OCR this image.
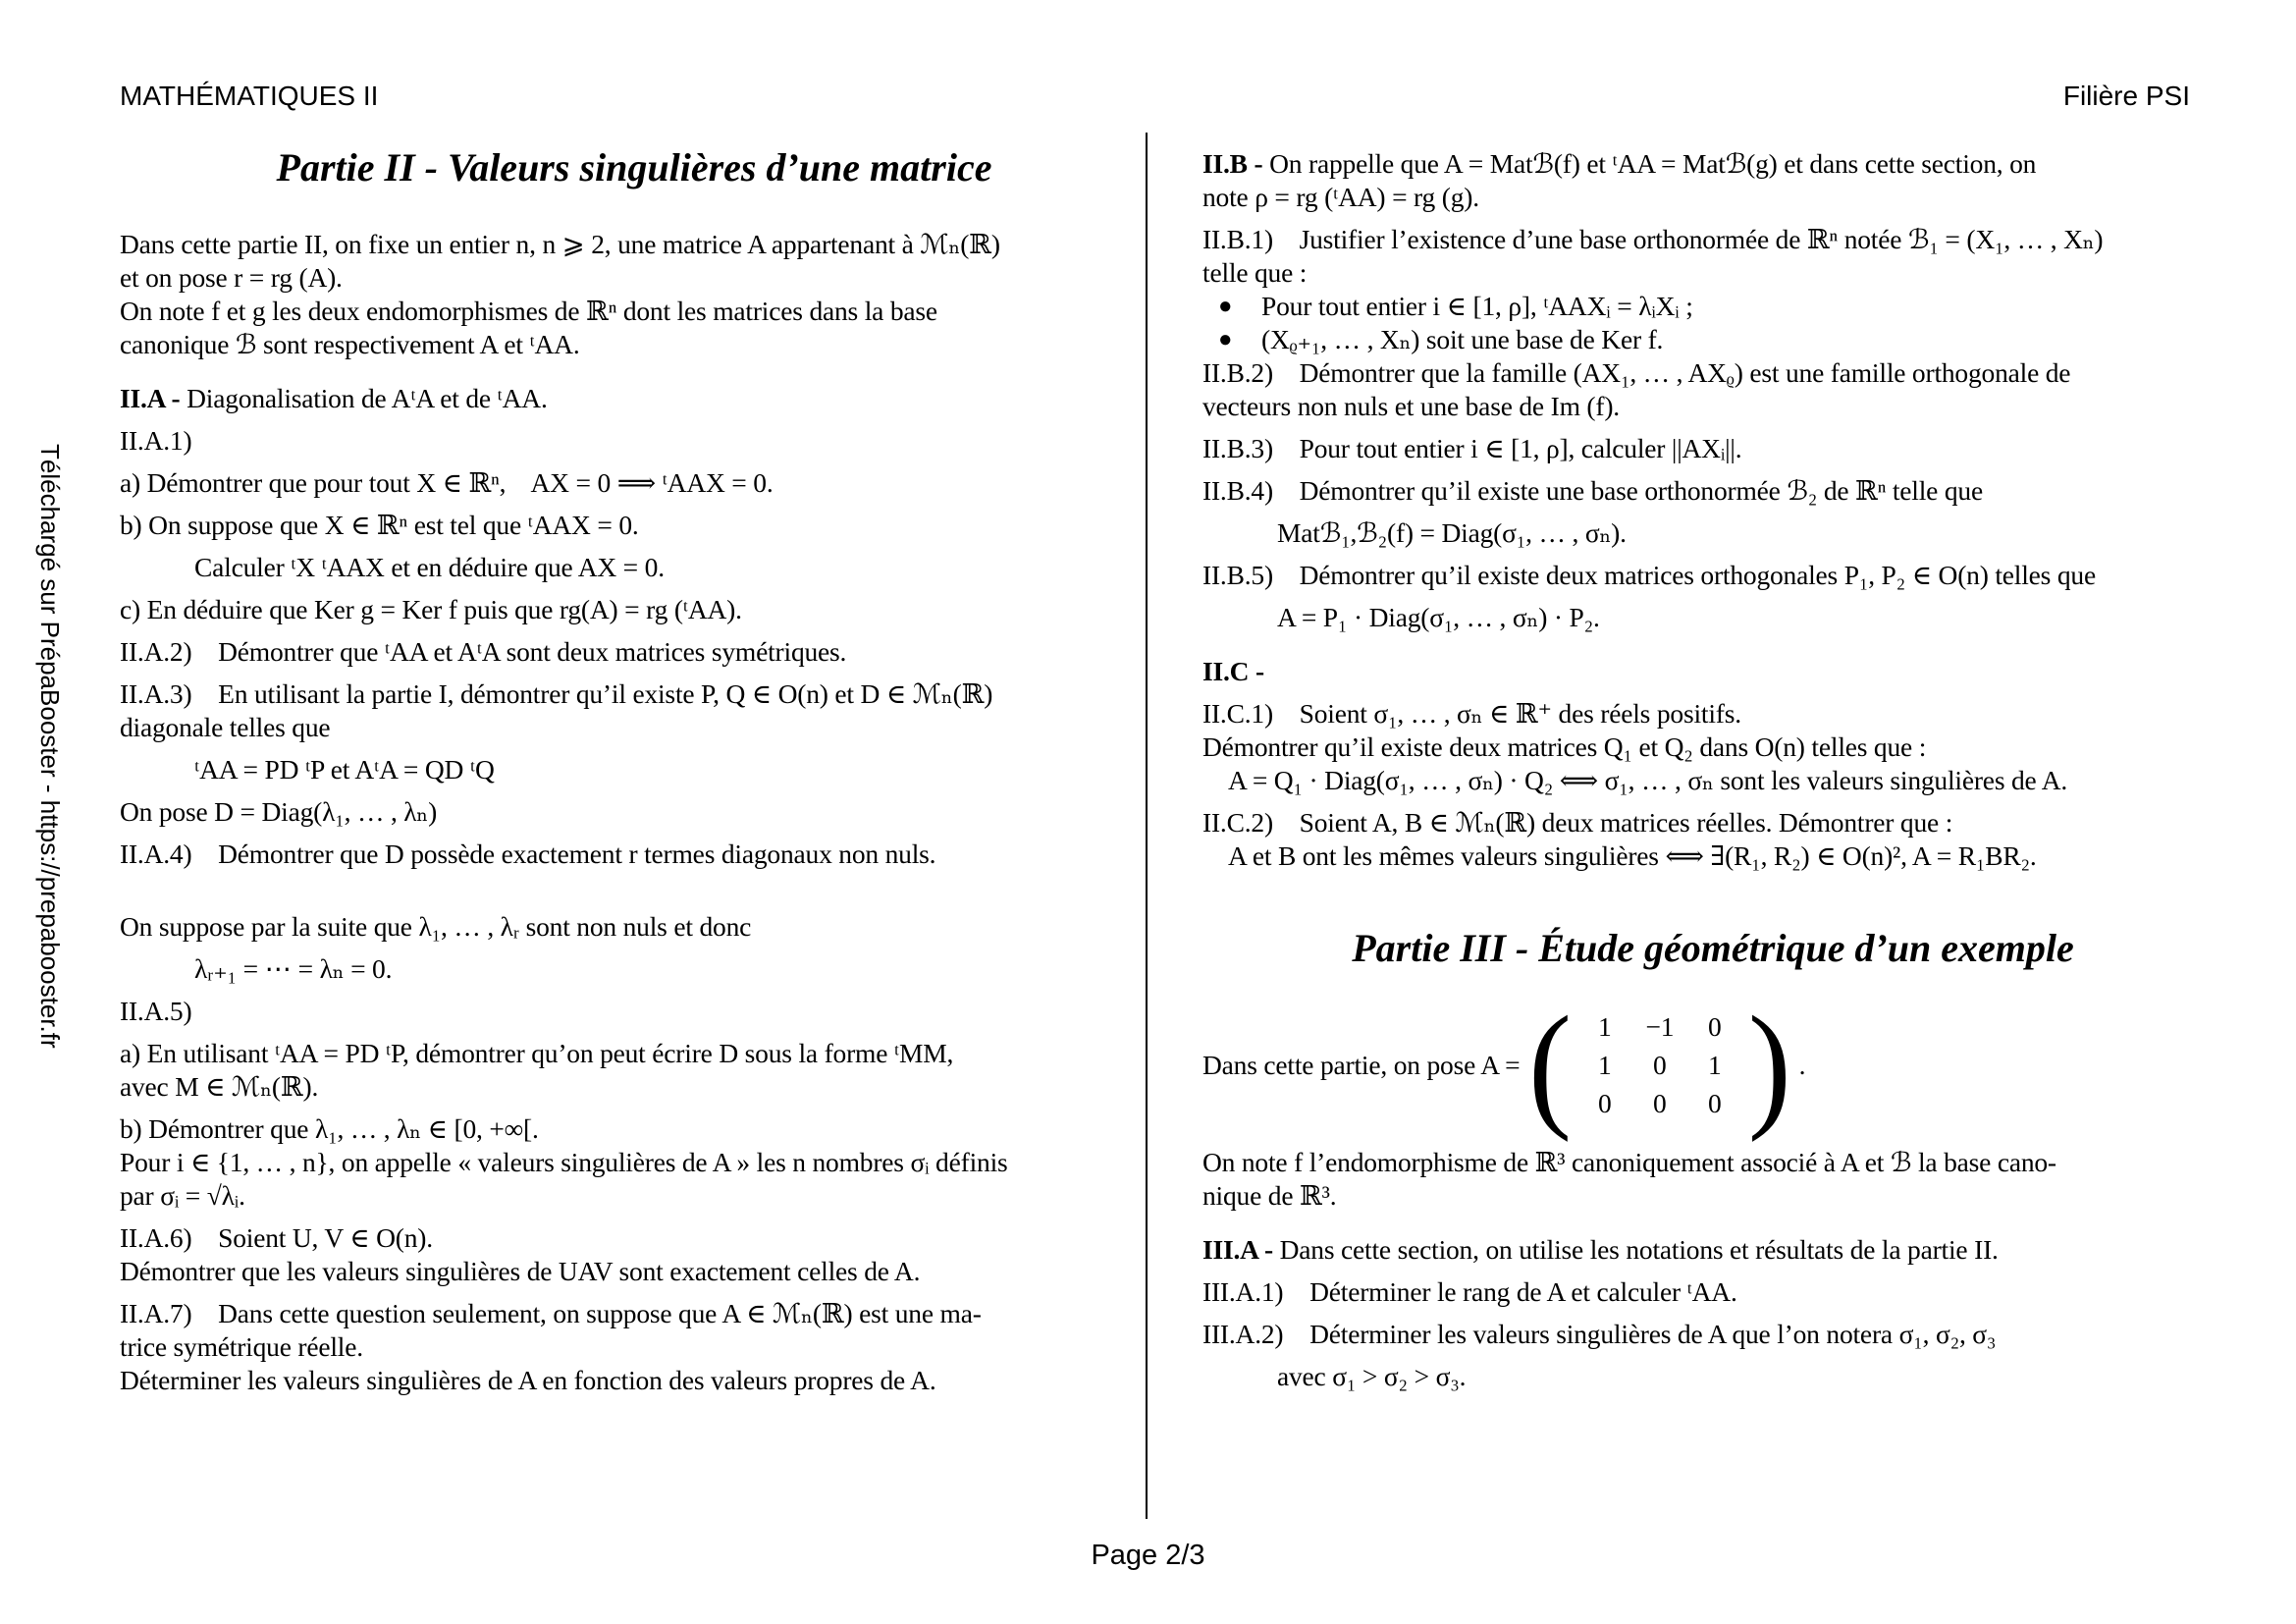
MATHÉMATIQUES II	Filière PSI
Téléchargé sur PrépaBooster - https://prepabooster.fr
Partie II - Valeurs singulières d’une matrice
Dans cette partie II, on fixe un entier n, n ⩾ 2, une matrice A appartenant à ℳₙ(ℝ)
et on pose r = rg (A).
On note f et g les deux endomorphismes de ℝⁿ dont les matrices dans la base
canonique ℬ sont respectivement A et ᵗAA.
II.A - Diagonalisation de AᵗA et de ᵗAA.
II.A.1)
a) Démontrer que pour tout X ∈ ℝⁿ,    AX = 0 ⟹ ᵗAAX = 0.
b) On suppose que X ∈ ℝⁿ est tel que ᵗAAX = 0.
Calculer ᵗX ᵗAAX et en déduire que AX = 0.
c) En déduire que Ker g = Ker f puis que rg(A) = rg (ᵗAA).
II.A.2)    Démontrer que ᵗAA et AᵗA sont deux matrices symétriques.
II.A.3)    En utilisant la partie I, démontrer qu’il existe P, Q ∈ O(n) et D ∈ ℳₙ(ℝ)
diagonale telles que
ᵗAA = PD ᵗP et AᵗA = QD ᵗQ
On pose D = Diag(λ₁, … , λₙ)
II.A.4)    Démontrer que D possède exactement r termes diagonaux non nuls.
On suppose par la suite que λ₁, … , λᵣ sont non nuls et donc
λᵣ₊₁ = ⋯ = λₙ = 0.
II.A.5)
a) En utilisant ᵗAA = PD ᵗP, démontrer qu’on peut écrire D sous la forme ᵗMM,
avec M ∈ ℳₙ(ℝ).
b) Démontrer que λ₁, … , λₙ ∈ [0, +∞[.
Pour i ∈ {1, … , n}, on appelle « valeurs singulières de A » les n nombres σᵢ définis
par σᵢ = √λᵢ.
II.A.6)    Soient U, V ∈ O(n).
Démontrer que les valeurs singulières de UAV sont exactement celles de A.
II.A.7)    Dans cette question seulement, on suppose que A ∈ ℳₙ(ℝ) est une ma-
trice symétrique réelle.
Déterminer les valeurs singulières de A en fonction des valeurs propres de A.
II.B - On rappelle que A = Matℬ(f) et ᵗAA = Matℬ(g) et dans cette section, on
note ρ = rg (ᵗAA) = rg (g).
II.B.1)    Justifier l’existence d’une base orthonormée de ℝⁿ notée ℬ₁ = (X₁, … , Xₙ)
telle que :
●	Pour tout entier i ∈ [1, ρ], ᵗAAXᵢ = λᵢXᵢ ;
●	(Xᵨ₊₁, … , Xₙ) soit une base de Ker f.
II.B.2)    Démontrer que la famille (AX₁, … , AXᵨ) est une famille orthogonale de
vecteurs non nuls et une base de Im (f).
II.B.3)    Pour tout entier i ∈ [1, ρ], calculer ||AXᵢ||.
II.B.4)    Démontrer qu’il existe une base orthonormée ℬ₂ de ℝⁿ telle que
Matℬ₁,ℬ₂(f) = Diag(σ₁, … , σₙ).
II.B.5)    Démontrer qu’il existe deux matrices orthogonales P₁, P₂ ∈ O(n) telles que
A = P₁ · Diag(σ₁, … , σₙ) · P₂.
II.C -
II.C.1)    Soient σ₁, … , σₙ ∈ ℝ⁺ des réels positifs.
Démontrer qu’il existe deux matrices Q₁ et Q₂ dans O(n) telles que :
A = Q₁ · Diag(σ₁, … , σₙ) · Q₂ ⟺ σ₁, … , σₙ sont les valeurs singulières de A.
II.C.2)    Soient A, B ∈ ℳₙ(ℝ) deux matrices réelles. Démontrer que :
A et B ont les mêmes valeurs singulières ⟺ ∃(R₁, R₂) ∈ O(n)², A = R₁BR₂.
Partie III - Étude géométrique d’un exemple
Dans cette partie, on pose A = ( 1	−1	0
1	0	1
0	0	0 ) .
On note f l’endomorphisme de ℝ³ canoniquement associé à A et ℬ la base cano-
nique de ℝ³.
III.A - Dans cette section, on utilise les notations et résultats de la partie II.
III.A.1)    Déterminer le rang de A et calculer ᵗAA.
III.A.2)    Déterminer les valeurs singulières de A que l’on notera σ₁, σ₂, σ₃
avec σ₁ > σ₂ > σ₃.
Page 2/3
